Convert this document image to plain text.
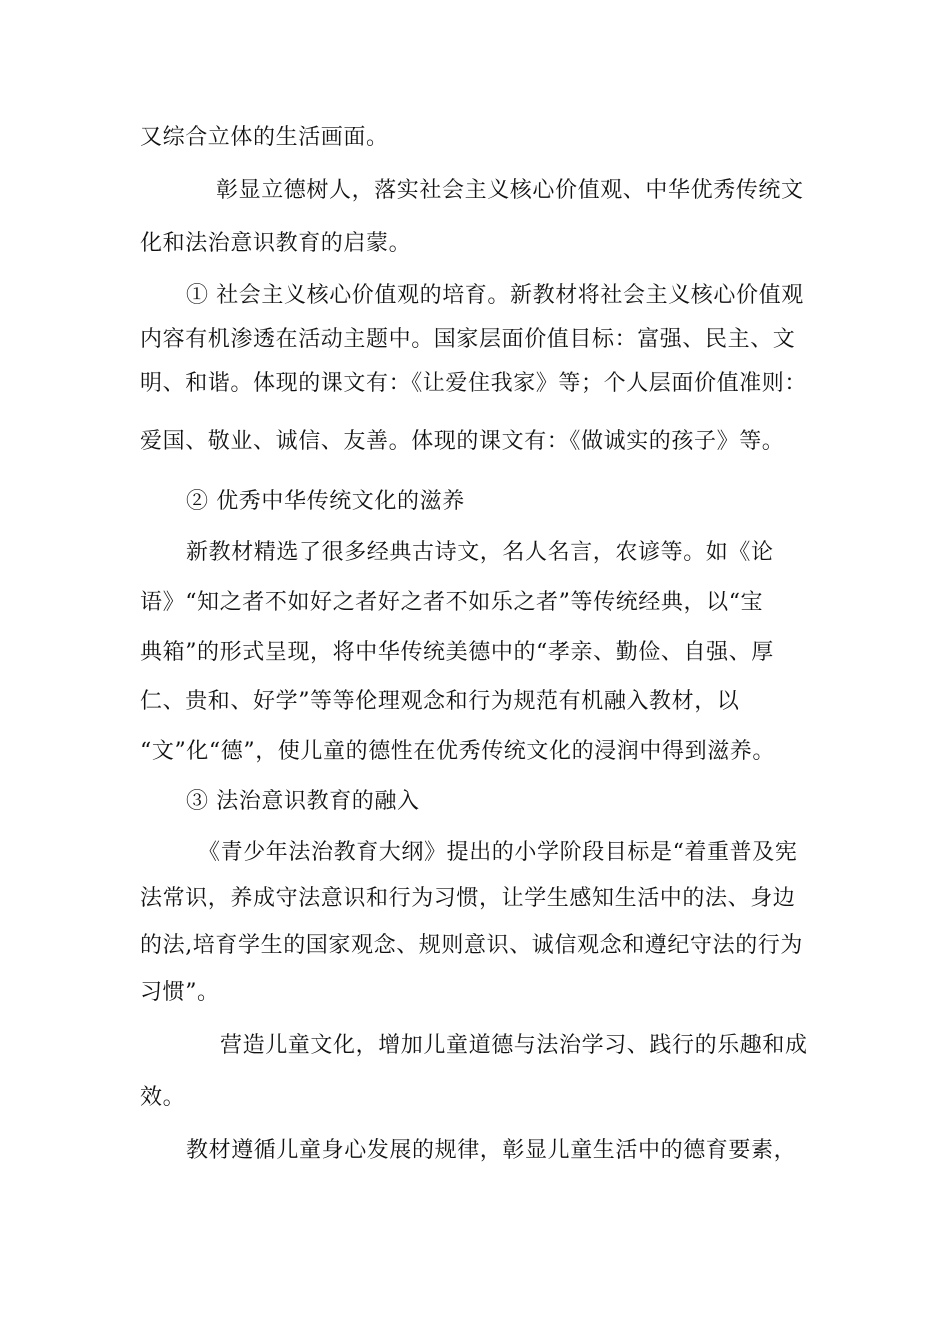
又综合立体的生活画面。
彰显立德树人，落实社会主义核心价值观、中华优秀传统文
化和法治意识教育的启蒙。
① 社会主义核心价值观的培育。新教材将社会主义核心价值观
内容有机渗透在活动主题中。国家层面价值目标：富强、民主、文
明、和谐。体现的课文有：《让爱住我家》等；个人层面价值准则：
爱国、敬业、诚信、友善。体现的课文有：《做诚实的孩子》等。
② 优秀中华传统文化的滋养
新教材精选了很多经典古诗文，名人名言，农谚等。如《论
语》“知之者不如好之者好之者不如乐之者”等传统经典，以“宝
典箱”的形式呈现，将中华传统美德中的“孝亲、勤俭、自强、厚
仁、贵和、好学”等等伦理观念和行为规范有机融入教材，以
“文”化“德”，使儿童的德性在优秀传统文化的浸润中得到滋养。
③ 法治意识教育的融入
《青少年法治教育大纲》提出的小学阶段目标是“着重普及宪
法常识，养成守法意识和行为习惯，让学生感知生活中的法、身边
的法,培育学生的国家观念、规则意识、诚信观念和遵纪守法的行为
习惯”。
营造儿童文化，增加儿童道德与法治学习、践行的乐趣和成
效。
教材遵循儿童身心发展的规律，彰显儿童生活中的德育要素，
